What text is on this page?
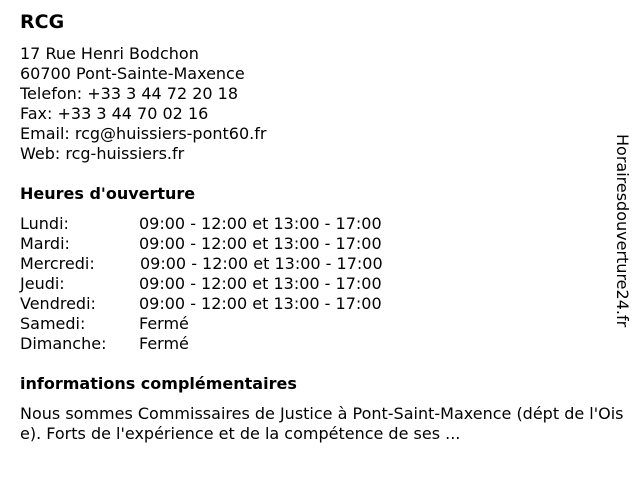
RCG
17 Rue Henri Bodchon
60700 Pont-Sainte-Maxence
Telefon: +33 3 44 72 20 18
Fax: +33 3 44 70 02 16
Email: rcg@huissiers-pont60.fr
Web: rcg-huissiers.fr
Heures d'ouverture
Lundi:	09:00 - 12:00 et 13:00 - 17:00
Mardi:	09:00 - 12:00 et 13:00 - 17:00
Mercredi:	09:00 - 12:00 et 13:00 - 17:00
Jeudi:	09:00 - 12:00 et 13:00 - 17:00
Vendredi:	09:00 - 12:00 et 13:00 - 17:00
Samedi:	Fermé
Dimanche: Fermé
informations complémentaires

Nous sommes Commissaires de Justice à Pont-Saint-Maxence (dépt de l'Oise). Forts de l'expérience et de la compétence de ses ...

Horairesdouverture24.fr
